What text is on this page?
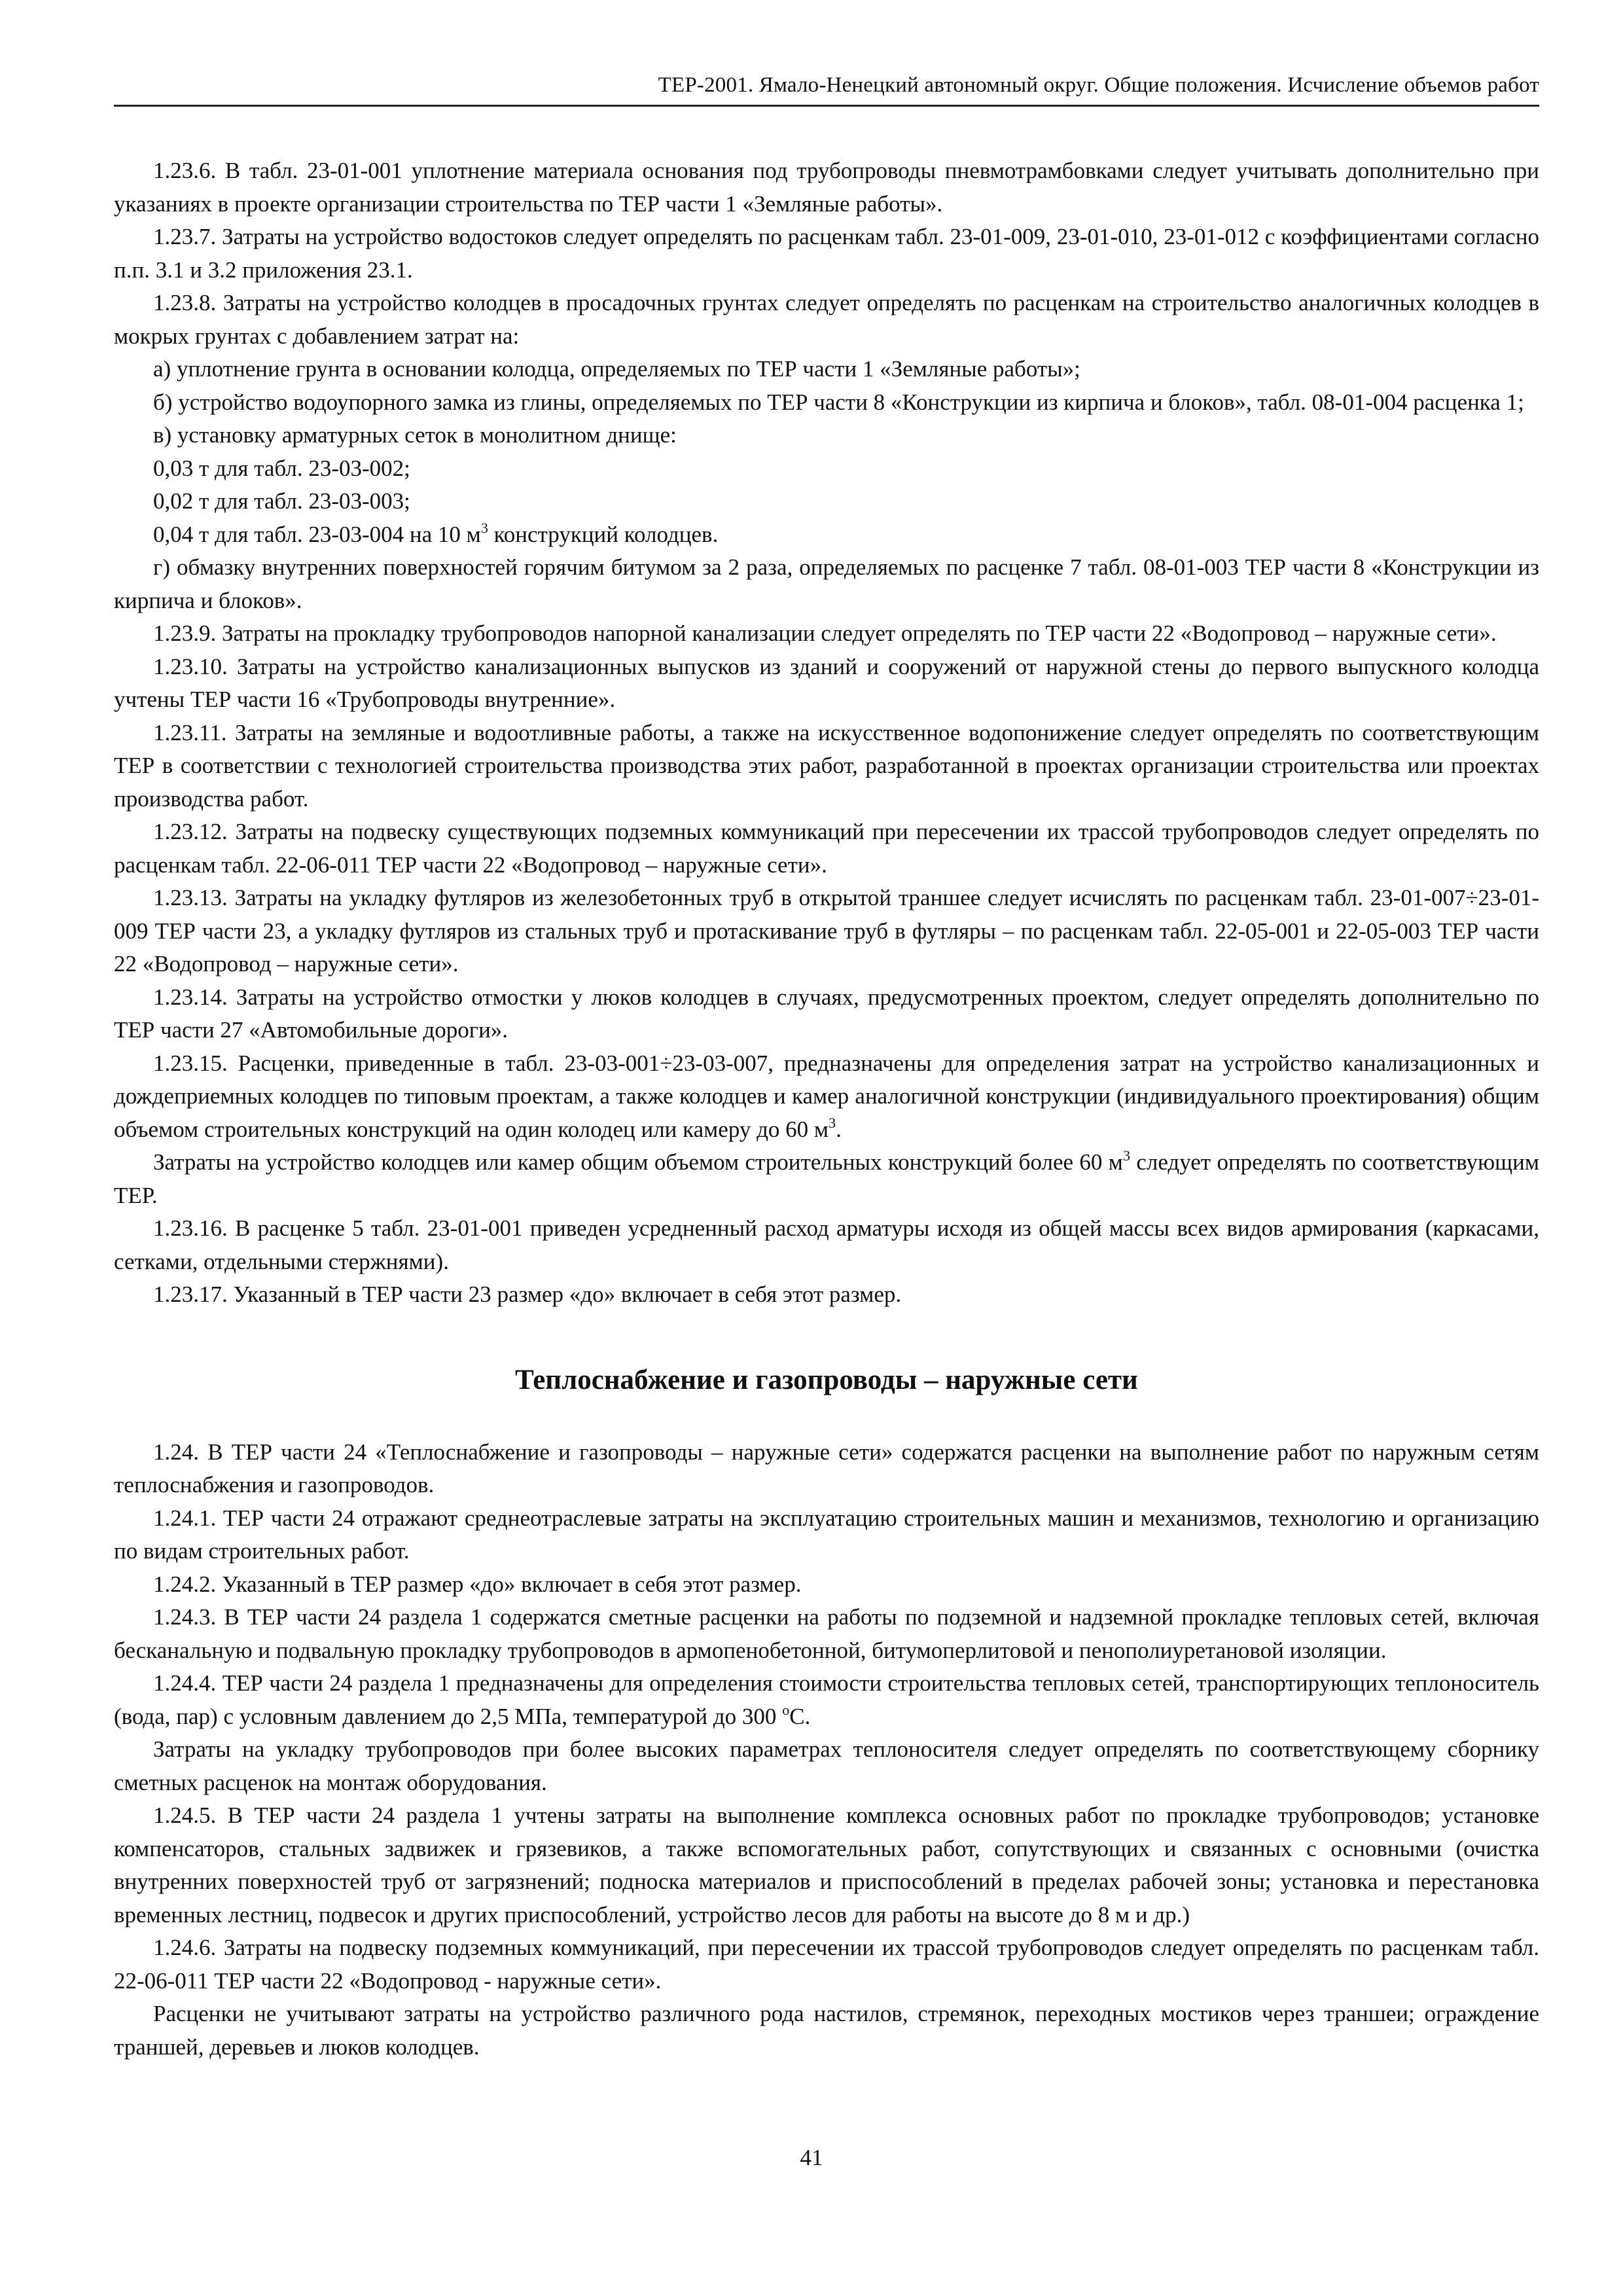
ТЕР-2001. Ямало-Ненецкий автономный округ. Общие положения. Исчисление объемов работ

1.23.6. В табл. 23-01-001 уплотнение материала основания под трубопроводы пневмотрамбовками следует учитывать дополнительно при указаниях в проекте организации строительства по ТЕР части 1 «Земляные работы».

1.23.7. Затраты на устройство водостоков следует определять по расценкам табл. 23-01-009, 23-01-010, 23-01-012 с коэффициентами согласно п.п. 3.1 и 3.2 приложения 23.1.

1.23.8. Затраты на устройство колодцев в просадочных грунтах следует определять по расценкам на строительство аналогичных колодцев в мокрых грунтах с добавлением затрат на:

а) уплотнение грунта в основании колодца, определяемых по ТЕР части 1 «Земляные работы»;

б) устройство водоупорного замка из глины, определяемых по ТЕР части 8 «Конструкции из кирпича и блоков», табл. 08-01-004 расценка 1;

в) установку арматурных сеток в монолитном днище:

0,03 т для табл. 23-03-002;

0,02 т для табл. 23-03-003;

0,04 т для табл. 23-03-004 на 10 $м^3$ конструкций колодцев.

г) обмазку внутренних поверхностей горячим битумом за 2 раза, определяемых по расценке 7 табл. 08-01-003 ТЕР части 8 «Конструкции из кирпича и блоков».

1.23.9. Затраты на прокладку трубопроводов напорной канализации следует определять по ТЕР части 22 «Водопровод – наружные сети».

1.23.10. Затраты на устройство канализационных выпусков из зданий и сооружений от наружной стены до первого выпускного колодца учтены ТЕР части 16 «Трубопроводы внутренние».

1.23.11. Затраты на земляные и водоотливные работы, а также на искусственное водопонижение следует определять по соответствующим ТЕР в соответствии с технологией строительства производства этих работ, разработанной в проектах организации строительства или проектах производства работ.

1.23.12. Затраты на подвеску существующих подземных коммуникаций при пересечении их трассой трубопроводов следует определять по расценкам табл. 22-06-011 ТЕР части 22 «Водопровод – наружные сети».

1.23.13. Затраты на укладку футляров из железобетонных труб в открытой траншее следует исчислять по расценкам табл. 23-01-007÷23-01-009 ТЕР части 23, а укладку футляров из стальных труб и протаскивание труб в футляры – по расценкам табл. 22-05-001 и 22-05-003 ТЕР части 22 «Водопровод – наружные сети».

1.23.14. Затраты на устройство отмостки у люков колодцев в случаях, предусмотренных проектом, следует определять дополнительно по ТЕР части 27 «Автомобильные дороги».

1.23.15. Расценки, приведенные в табл. 23-03-001÷23-03-007, предназначены для определения затрат на устройство канализационных и дождеприемных колодцев по типовым проектам, а также колодцев и камер аналогичной конструкции (индивидуального проектирования) общим объемом строительных конструкций на один колодец или камеру до 60 $м^3$.

Затраты на устройство колодцев или камер общим объемом строительных конструкций более 60 $м^3$ следует определять по соответствующим ТЕР.

1.23.16. В расценке 5 табл. 23-01-001 приведен усредненный расход арматуры исходя из общей массы всех видов армирования (каркасами, сетками, отдельными стержнями).

1.23.17. Указанный в ТЕР части 23 размер «до» включает в себя этот размер.

Теплоснабжение и газопроводы – наружные сети

1.24. В ТЕР части 24 «Теплоснабжение и газопроводы – наружные сети» содержатся расценки на выполнение работ по наружным сетям теплоснабжения и газопроводов.

1.24.1. ТЕР части 24 отражают среднеотраслевые затраты на эксплуатацию строительных машин и механизмов, технологию и организацию по видам строительных работ.

1.24.2. Указанный в ТЕР размер «до» включает в себя этот размер.

1.24.3. В ТЕР части 24 раздела 1 содержатся сметные расценки на работы по подземной и надземной прокладке тепловых сетей, включая бесканальную и подвальную прокладку трубопроводов в армопенобетонной, битумоперлитовой и пенополиуретановой изоляции.

1.24.4. ТЕР части 24 раздела 1 предназначены для определения стоимости строительства тепловых сетей, транспортирующих теплоноситель (вода, пар) с условным давлением до 2,5 МПа, температурой до 300 $^о$С.

Затраты на укладку трубопроводов при более высоких параметрах теплоносителя следует определять по соответствующему сборнику сметных расценок на монтаж оборудования.

1.24.5. В ТЕР части 24 раздела 1 учтены затраты на выполнение комплекса основных работ по прокладке трубопроводов; установке компенсаторов, стальных задвижек и грязевиков, а также вспомогательных работ, сопутствующих и связанных с основными (очистка внутренних поверхностей труб от загрязнений; подноска материалов и приспособлений в пределах рабочей зоны; установка и перестановка временных лестниц, подвесок и других приспособлений, устройство лесов для работы на высоте до 8 м и др.)

1.24.6. Затраты на подвеску подземных коммуникаций, при пересечении их трассой трубопроводов следует определять по расценкам табл. 22-06-011 ТЕР части 22 «Водопровод - наружные сети».

Расценки не учитывают затраты на устройство различного рода настилов, стремянок, переходных мостиков через траншеи; ограждение траншей, деревьев и люков колодцев.

41
